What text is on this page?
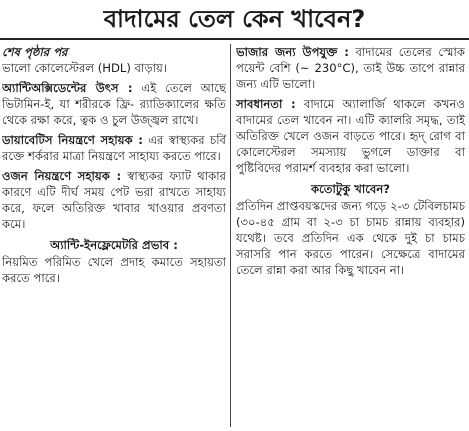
বাদামের তেল কেন খাবেন?

শেষ পৃষ্ঠার পর

ভালো কোলেস্টেরল (HDL) বাড়ায়।

অ্যান্টিঅক্সিডেন্টের উৎস : এই তেলে আছে ভিটামিন-ই, যা শরীরকে ফ্রি- র‍্যাডিক্যালের ক্ষতি থেকে রক্ষা করে, ত্বক ও চুল উজ্জ্বল রাখে।

ডায়াবেটিস নিয়ন্ত্রণে সহায়ক : এর স্বাস্থ্যকর চর্বি রক্তে শর্করার মাত্রা নিয়ন্ত্রণে সাহায্য করতে পারে।

ওজন নিয়ন্ত্রণে সহায়ক : স্বাস্থ্যকর ফ্যাট থাকার কারণে এটি দীর্ঘ সময় পেট ভরা রাখতে সাহায্য করে, ফলে অতিরিক্ত খাবার খাওয়ার প্রবণতা কমে।

অ্যান্টি-ইনফ্লেমেটরি প্রভাব :

নিয়মিত পরিমিত খেলে প্রদাহ কমাতে সহায়তা করতে পারে।

ভাজার জন্য উপযুক্ত : বাদামের তেলের স্মোক পয়েন্ট বেশি (~ 230°C), তাই উচ্চ তাপে রান্নার জন্য এটি ভালো।

সাবধানতা : বাদামে অ্যালার্জি থাকলে কখনও বাদামের তেল খাবেন না। এটি ক্যালরি সমৃদ্ধ, তাই অতিরিক্ত খেলে ওজন বাড়তে পারে। হৃদ্‌ রোগ বা কোলেস্টেরল সমস্যায় ভুগলে ডাক্তার বা পুষ্টিবিদের পরামর্শ ব্যবহার করা ভালো।

কতোটুকু খাবেন?

প্রতিদিন প্রাপ্তবয়স্কদের জন্য গড়ে ২-৩ টেবিলচামচ (৩০-৪৫ গ্রাম বা ২-৩ চা চামচ রান্নায় ব্যবহার) যথেষ্ট। তবে প্রতিদিন এক থেকে দুই চা চামচ সরাসরি পান করতে পারেন। সেক্ষেত্রে বাদামের তেলে রান্না করা আর কিছু খাবেন না।
